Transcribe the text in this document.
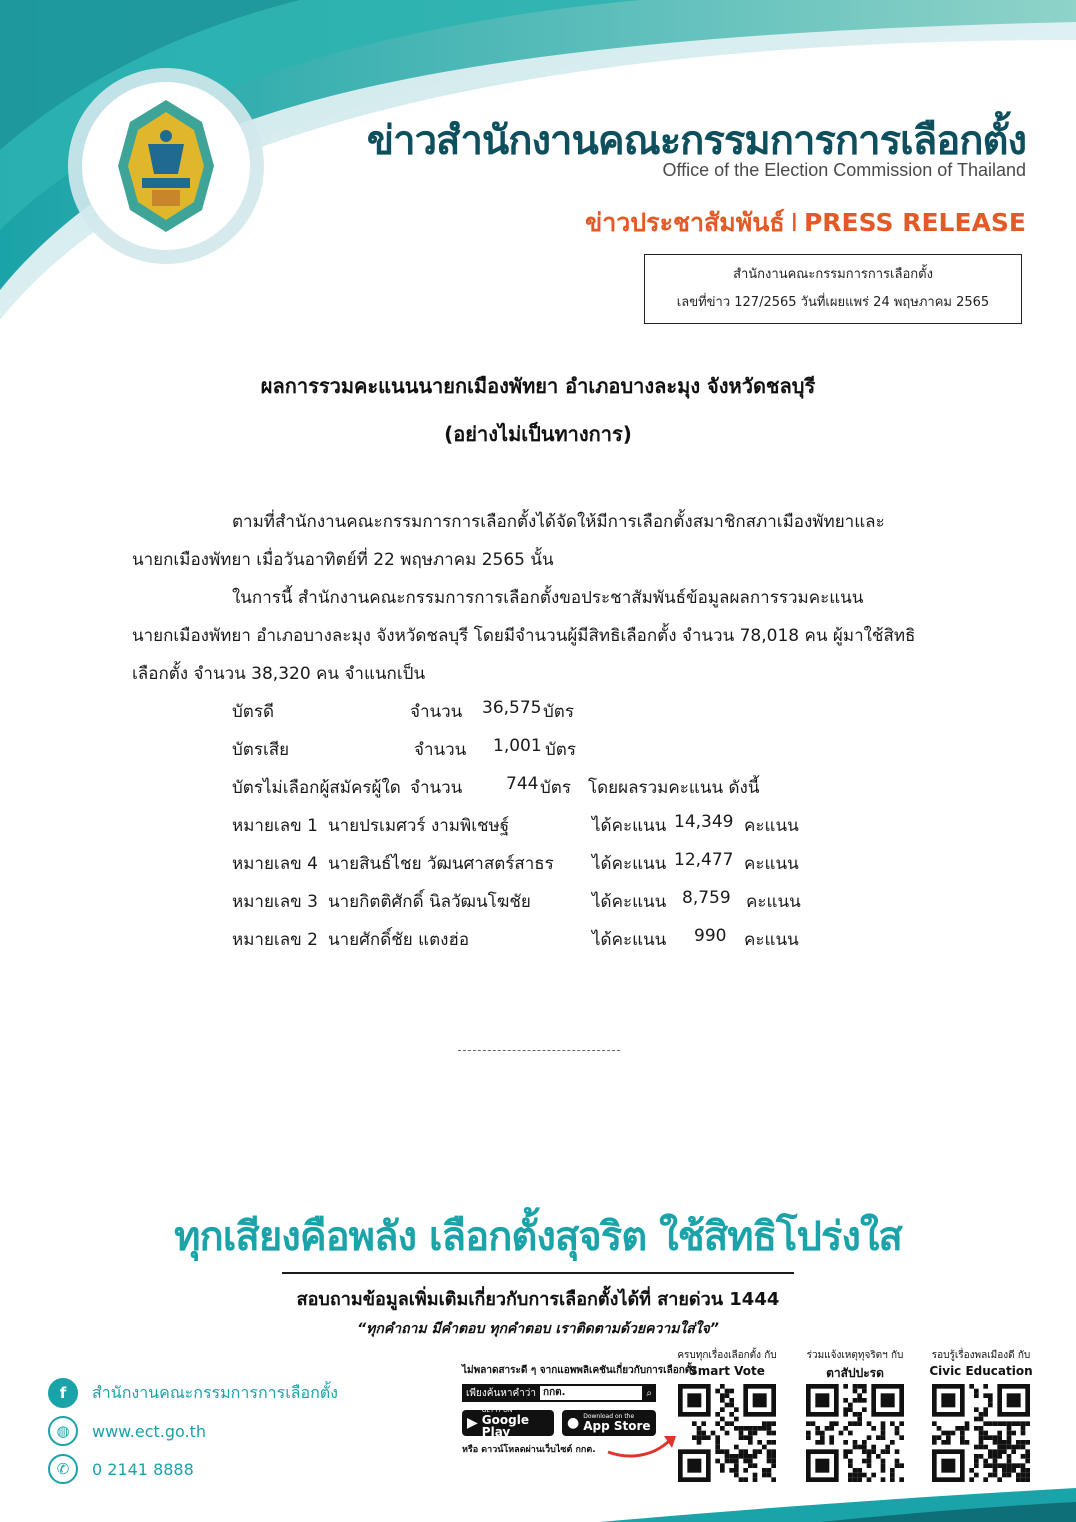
ข่าวสำนักงานคณะกรรมการการเลือกตั้ง
Office of the Election Commission of Thailand
ข่าวประชาสัมพันธ์ I PRESS RELEASE
สำนักงานคณะกรรมการการเลือกตั้ง
เลขที่ข่าว 127/2565 วันที่เผยแพร่ 24 พฤษภาคม 2565
ผลการรวมคะแนนนายกเมืองพัทยา อำเภอบางละมุง จังหวัดชลบุรี
(อย่างไม่เป็นทางการ)
ตามที่สำนักงานคณะกรรมการการเลือกตั้งได้จัดให้มีการเลือกตั้งสมาชิกสภาเมืองพัทยาและ
นายกเมืองพัทยา เมื่อวันอาทิตย์ที่ 22 พฤษภาคม 2565 นั้น
ในการนี้ สำนักงานคณะกรรมการการเลือกตั้งขอประชาสัมพันธ์ข้อมูลผลการรวมคะแนน
นายกเมืองพัทยา อำเภอบางละมุง จังหวัดชลบุรี โดยมีจำนวนผู้มีสิทธิเลือกตั้ง จำนวน 78,018 คน ผู้มาใช้สิทธิ
เลือกตั้ง จำนวน 38,320 คน จำแนกเป็น
บัตรดี	จำนวน 36,575 บัตร
บัตรเสีย	จำนวน 1,001 บัตร
บัตรไม่เลือกผู้สมัครผู้ใด จำนวน	744 บัตร โดยผลรวมคะแนน ดังนี้
หมายเลข 1 นายปรเมศวร์ งามพิเชษฐ์	ได้คะแนน 14,349 คะแนน
หมายเลข 4 นายสินธ์ไชย วัฒนศาสตร์สาธร ได้คะแนน 12,477 คะแนน
หมายเลข 3 นายกิตติศักดิ์ นิลวัฒนโฆชัย	ได้คะแนน 8,759 คะแนน
หมายเลข 2 นายศักดิ์ชัย แตงฮ่อ	ได้คะแนน 990 คะแนน
ทุกเสียงคือพลัง เลือกตั้งสุจริต ใช้สิทธิโปร่งใส
สอบถามข้อมูลเพิ่มเติมเกี่ยวกับการเลือกตั้งได้ที่ สายด่วน 1444
“ทุกคำถาม มีคำตอบ ทุกคำตอบ เราติดตามด้วยความใส่ใจ”
f	สำนักงานคณะกรรมการการเลือกตั้ง
◍	www.ect.go.th
✆	0 2141 8888
ไม่พลาดสาระดี ๆ จากแอพพลิเคชันเกี่ยวกับการเลือกตั้ง
เพียงค้นหาคำว่า กกต.	⌕
▶
GET IT ON
Google Play
● Download on the
App Store
หรือ ดาวน์โหลดผ่านเว็บไซต์ กกต.
ครบทุกเรื่องเลือกตั้ง กับ
Smart Vote
ร่วมแจ้งเหตุทุจริตฯ กับ
ตาสัปปะรด
รอบรู้เรื่องพลเมืองดี กับ
Civic Education
